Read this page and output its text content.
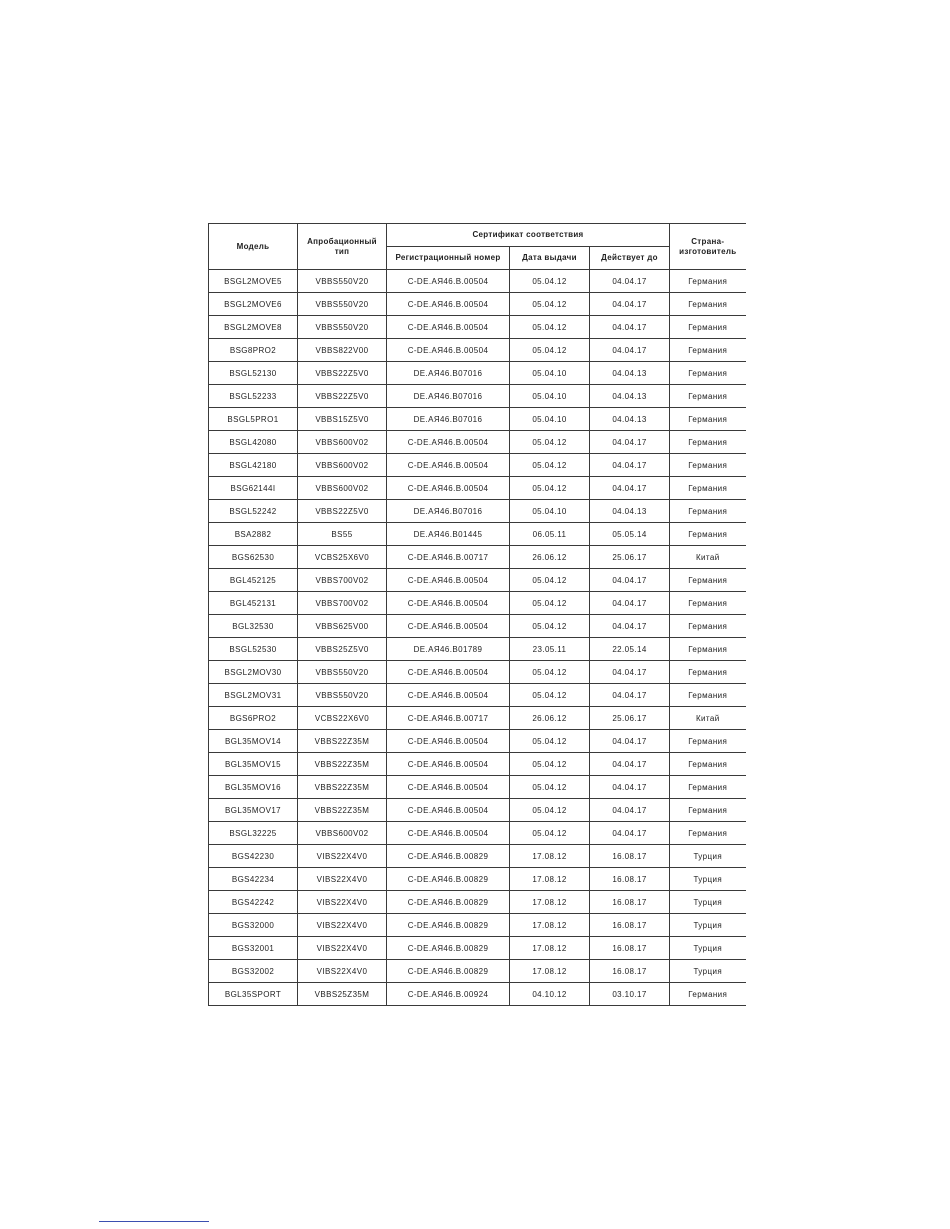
Модель	Апробационный тип	Сертификат соответствия			Страна-изготовитель
		Регистрационный номер	Дата выдачи	Действует до	
BSGL2MOVE5	VBBS550V20	C-DE.АЯ46.В.00504	05.04.12	04.04.17	Германия
BSGL2MOVE6	VBBS550V20	C-DE.АЯ46.В.00504	05.04.12	04.04.17	Германия
BSGL2MOVE8	VBBS550V20	C-DE.АЯ46.В.00504	05.04.12	04.04.17	Германия
BSG8PRO2	VBBS822V00	C-DE.АЯ46.В.00504	05.04.12	04.04.17	Германия
BSGL52130	VBBS22Z5V0	DE.АЯ46.В07016	05.04.10	04.04.13	Германия
BSGL52233	VBBS22Z5V0	DE.АЯ46.В07016	05.04.10	04.04.13	Германия
BSGL5PRO1	VBBS15Z5V0	DE.АЯ46.В07016	05.04.10	04.04.13	Германия
BSGL42080	VBBS600V02	C-DE.АЯ46.В.00504	05.04.12	04.04.17	Германия
BSGL42180	VBBS600V02	C-DE.АЯ46.В.00504	05.04.12	04.04.17	Германия
BSG62144I	VBBS600V02	C-DE.АЯ46.В.00504	05.04.12	04.04.17	Германия
BSGL52242	VBBS22Z5V0	DE.АЯ46.В07016	05.04.10	04.04.13	Германия
BSA2882	BS55	DE.АЯ46.В01445	06.05.11	05.05.14	Германия
BGS62530	VCBS25X6V0	C-DE.АЯ46.В.00717	26.06.12	25.06.17	Китай
BGL452125	VBBS700V02	C-DE.АЯ46.В.00504	05.04.12	04.04.17	Германия
BGL452131	VBBS700V02	C-DE.АЯ46.В.00504	05.04.12	04.04.17	Германия
BGL32530	VBBS625V00	C-DE.АЯ46.В.00504	05.04.12	04.04.17	Германия
BSGL52530	VBBS25Z5V0	DE.АЯ46.В01789	23.05.11	22.05.14	Германия
BSGL2MOV30	VBBS550V20	C-DE.АЯ46.В.00504	05.04.12	04.04.17	Германия
BSGL2MOV31	VBBS550V20	C-DE.АЯ46.В.00504	05.04.12	04.04.17	Германия
BGS6PRO2	VCBS22X6V0	C-DE.АЯ46.В.00717	26.06.12	25.06.17	Китай
BGL35MOV14	VBBS22Z35M	C-DE.АЯ46.В.00504	05.04.12	04.04.17	Германия
BGL35MOV15	VBBS22Z35M	C-DE.АЯ46.В.00504	05.04.12	04.04.17	Германия
BGL35MOV16	VBBS22Z35M	C-DE.АЯ46.В.00504	05.04.12	04.04.17	Германия
BGL35MOV17	VBBS22Z35M	C-DE.АЯ46.В.00504	05.04.12	04.04.17	Германия
BSGL32225	VBBS600V02	C-DE.АЯ46.В.00504	05.04.12	04.04.17	Германия
BGS42230	VIBS22X4V0	C-DE.АЯ46.В.00829	17.08.12	16.08.17	Турция
BGS42234	VIBS22X4V0	C-DE.АЯ46.В.00829	17.08.12	16.08.17	Турция
BGS42242	VIBS22X4V0	C-DE.АЯ46.В.00829	17.08.12	16.08.17	Турция
BGS32000	VIBS22X4V0	C-DE.АЯ46.В.00829	17.08.12	16.08.17	Турция
BGS32001	VIBS22X4V0	C-DE.АЯ46.В.00829	17.08.12	16.08.17	Турция
BGS32002	VIBS22X4V0	C-DE.АЯ46.В.00829	17.08.12	16.08.17	Турция
BGL35SPORT	VBBS25Z35M	C-DE.АЯ46.В.00924	04.10.12	03.10.17	Германия
